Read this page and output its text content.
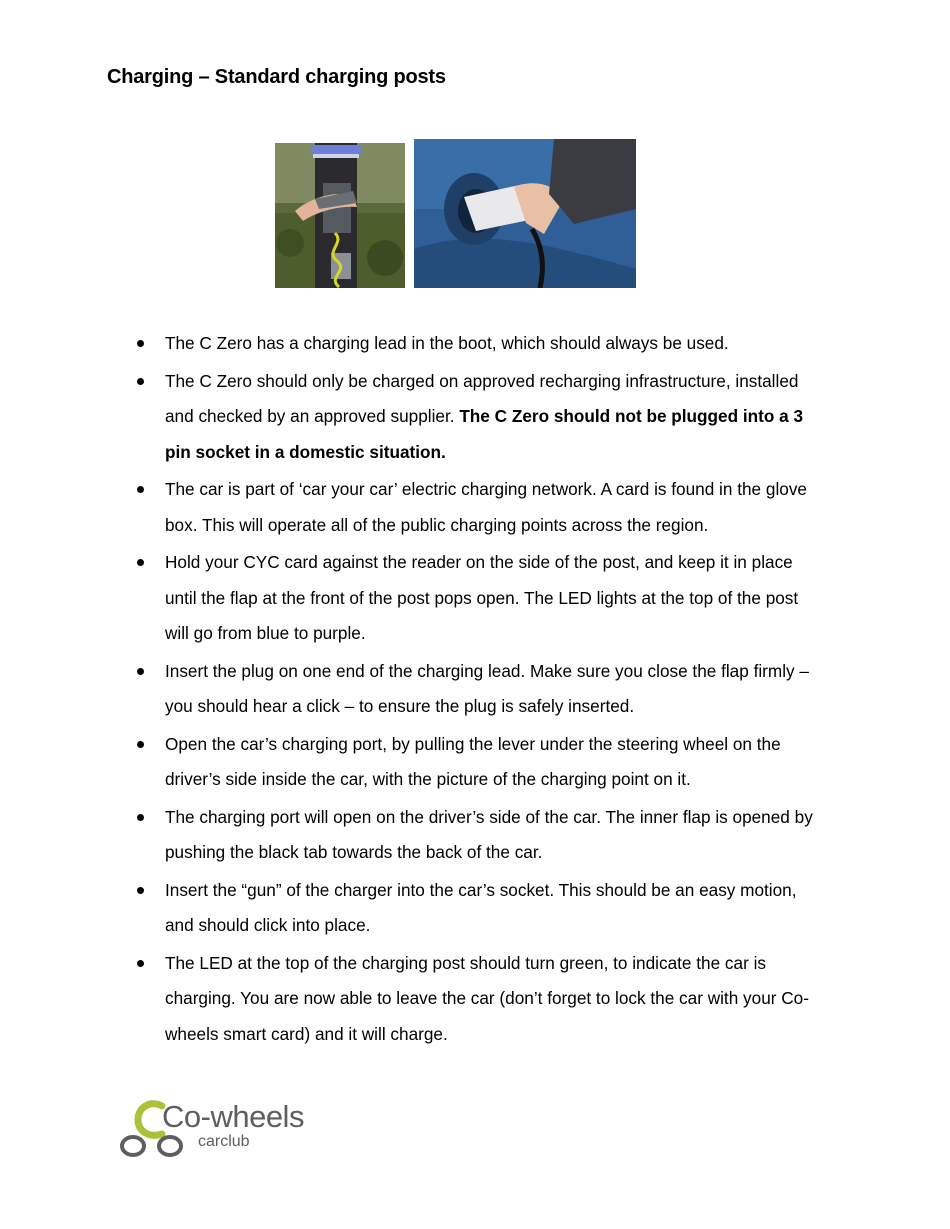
Charging – Standard charging posts
The C Zero has a charging lead in the boot, which should always be used.
The C Zero should only be charged on approved recharging infrastructure, installed and checked by an approved supplier. The C Zero should not be plugged into a 3 pin socket in a domestic situation.
The car is part of ‘car your car’ electric charging network. A card is found in the glove box. This will operate all of the public charging points across the region.
Hold your CYC card against the reader on the side of the post, and keep it in place until the flap at the front of the post pops open. The LED lights at the top of the post will go from blue to purple.
Insert the plug on one end of the charging lead. Make sure you close the flap firmly – you should hear a click – to ensure the plug is safely inserted.
Open the car’s charging port, by pulling the lever under the steering wheel on the driver’s side inside the car, with the picture of the charging point on it.
The charging port will open on the driver’s side of the car. The inner flap is opened by pushing the black tab towards the back of the car.
Insert the “gun” of the charger into the car’s socket. This should be an easy motion, and should click into place.
The LED at the top of the charging post should turn green, to indicate the car is charging. You are now able to leave the car (don’t forget to lock the car with your Co-wheels smart card) and it will charge.
Co-wheels
carclub
